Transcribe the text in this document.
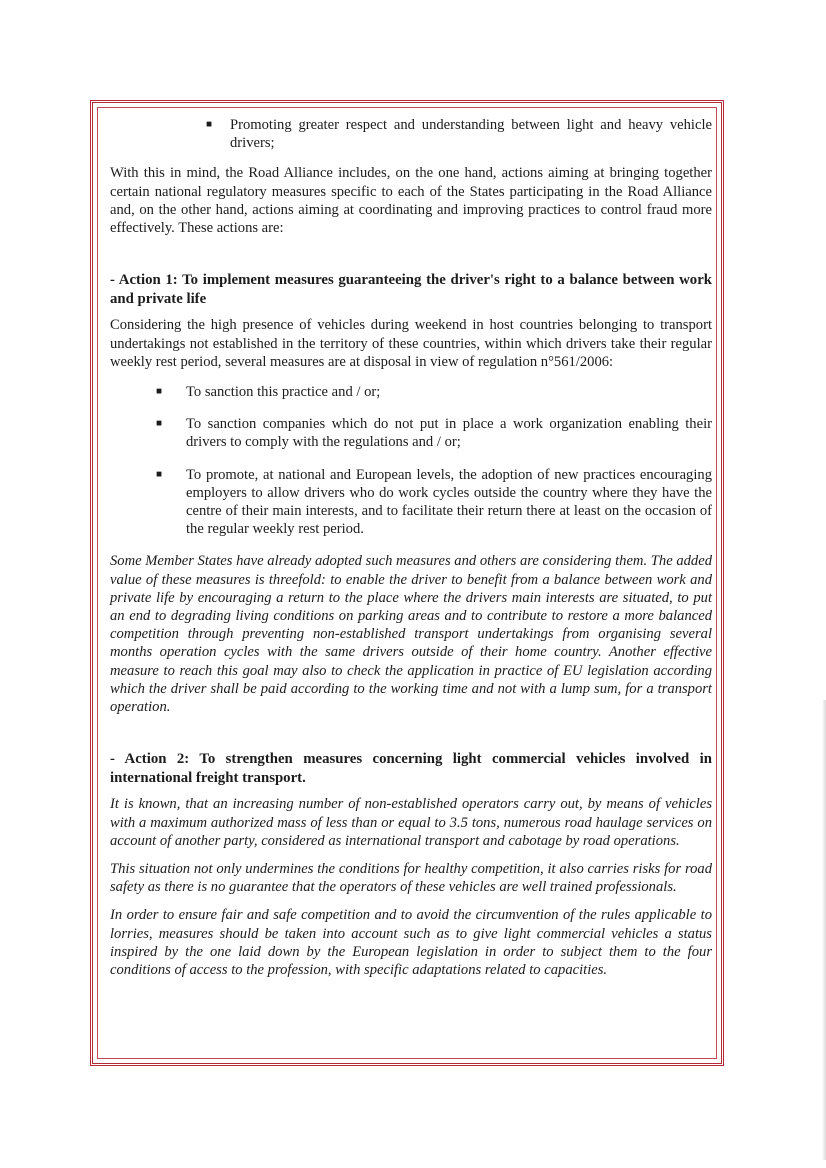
■ Promoting greater respect and understanding between light and heavy vehicle drivers;

With this in mind, the Road Alliance includes, on the one hand, actions aiming at bringing together certain national regulatory measures specific to each of the States participating in the Road Alliance and, on the other hand, actions aiming at coordinating and improving practices to control fraud more effectively. These actions are:

- Action 1: To implement measures guaranteeing the driver's right to a balance between work and private life

Considering the high presence of vehicles during weekend in host countries belonging to transport undertakings not established in the territory of these countries, within which drivers take their regular weekly rest period, several measures are at disposal in view of regulation n°561/2006:

■ To sanction this practice and / or;
■ To sanction companies which do not put in place a work organization enabling their drivers to comply with the regulations and / or;
■ To promote, at national and European levels, the adoption of new practices encouraging employers to allow drivers who do work cycles outside the country where they have the centre of their main interests, and to facilitate their return there at least on the occasion of the regular weekly rest period.

Some Member States have already adopted such measures and others are considering them. The added value of these measures is threefold: to enable the driver to benefit from a balance between work and private life by encouraging a return to the place where the drivers main interests are situated, to put an end to degrading living conditions on parking areas and to contribute to restore a more balanced competition through preventing non-established transport undertakings from organising several months operation cycles with the same drivers outside of their home country. Another effective measure to reach this goal may also to check the application in practice of EU legislation according which the driver shall be paid according to the working time and not with a lump sum, for a transport operation.

- Action 2: To strengthen measures concerning light commercial vehicles involved in international freight transport.

It is known, that an increasing number of non-established operators carry out, by means of vehicles with a maximum authorized mass of less than or equal to 3.5 tons, numerous road haulage services on account of another party, considered as international transport and cabotage by road operations.

This situation not only undermines the conditions for healthy competition, it also carries risks for road safety as there is no guarantee that the operators of these vehicles are well trained professionals.

In order to ensure fair and safe competition and to avoid the circumvention of the rules applicable to lorries, measures should be taken into account such as to give light commercial vehicles a status inspired by the one laid down by the European legislation in order to subject them to the four conditions of access to the profession, with specific adaptations related to capacities.
